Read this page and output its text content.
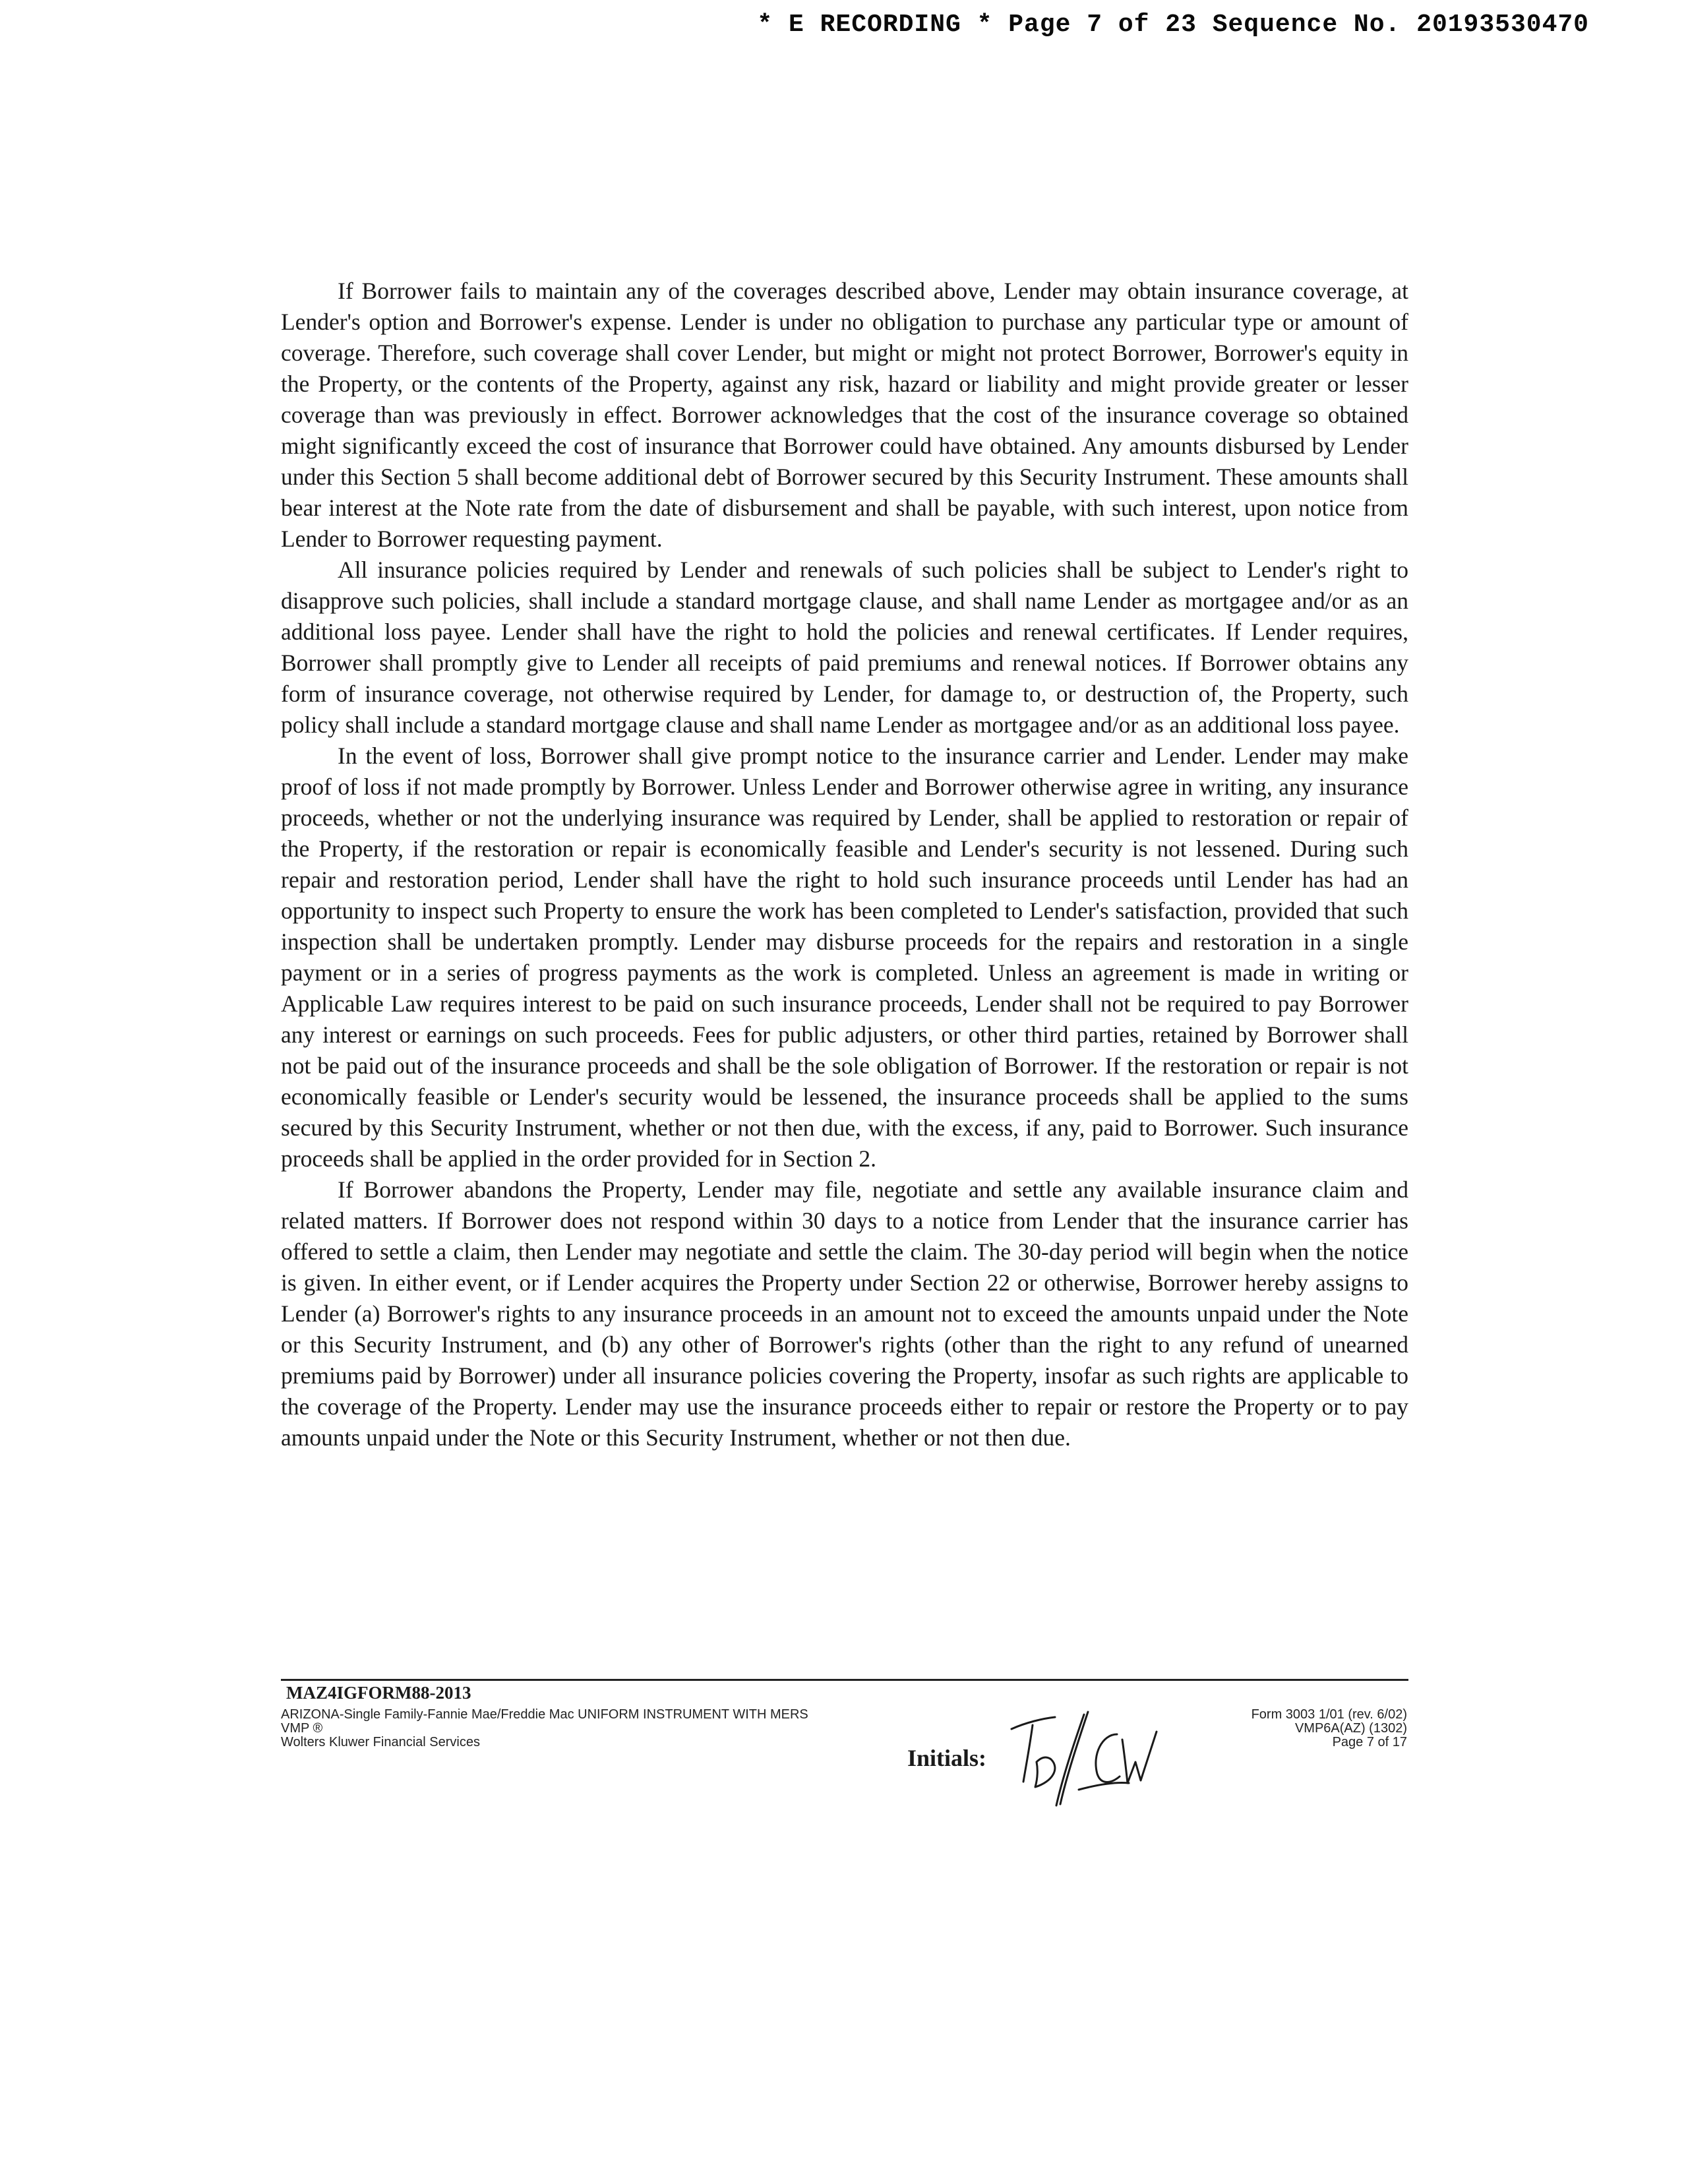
* E RECORDING * Page 7 of 23 Sequence No. 20193530470

If Borrower fails to maintain any of the coverages described above, Lender may obtain insurance coverage, at Lender's option and Borrower's expense. Lender is under no obligation to purchase any particular type or amount of coverage. Therefore, such coverage shall cover Lender, but might or might not protect Borrower, Borrower's equity in the Property, or the contents of the Property, against any risk, hazard or liability and might provide greater or lesser coverage than was previously in effect. Borrower acknowledges that the cost of the insurance coverage so obtained might significantly exceed the cost of insurance that Borrower could have obtained. Any amounts disbursed by Lender under this Section 5 shall become additional debt of Borrower secured by this Security Instrument. These amounts shall bear interest at the Note rate from the date of disbursement and shall be payable, with such interest, upon notice from Lender to Borrower requesting payment.

All insurance policies required by Lender and renewals of such policies shall be subject to Lender's right to disapprove such policies, shall include a standard mortgage clause, and shall name Lender as mortgagee and/or as an additional loss payee. Lender shall have the right to hold the policies and renewal certificates. If Lender requires, Borrower shall promptly give to Lender all receipts of paid premiums and renewal notices. If Borrower obtains any form of insurance coverage, not otherwise required by Lender, for damage to, or destruction of, the Property, such policy shall include a standard mortgage clause and shall name Lender as mortgagee and/or as an additional loss payee.

In the event of loss, Borrower shall give prompt notice to the insurance carrier and Lender. Lender may make proof of loss if not made promptly by Borrower. Unless Lender and Borrower otherwise agree in writing, any insurance proceeds, whether or not the underlying insurance was required by Lender, shall be applied to restoration or repair of the Property, if the restoration or repair is economically feasible and Lender's security is not lessened. During such repair and restoration period, Lender shall have the right to hold such insurance proceeds until Lender has had an opportunity to inspect such Property to ensure the work has been completed to Lender's satisfaction, provided that such inspection shall be undertaken promptly. Lender may disburse proceeds for the repairs and restoration in a single payment or in a series of progress payments as the work is completed. Unless an agreement is made in writing or Applicable Law requires interest to be paid on such insurance proceeds, Lender shall not be required to pay Borrower any interest or earnings on such proceeds. Fees for public adjusters, or other third parties, retained by Borrower shall not be paid out of the insurance proceeds and shall be the sole obligation of Borrower. If the restoration or repair is not economically feasible or Lender's security would be lessened, the insurance proceeds shall be applied to the sums secured by this Security Instrument, whether or not then due, with the excess, if any, paid to Borrower. Such insurance proceeds shall be applied in the order provided for in Section 2.

If Borrower abandons the Property, Lender may file, negotiate and settle any available insurance claim and related matters. If Borrower does not respond within 30 days to a notice from Lender that the insurance carrier has offered to settle a claim, then Lender may negotiate and settle the claim. The 30-day period will begin when the notice is given. In either event, or if Lender acquires the Property under Section 22 or otherwise, Borrower hereby assigns to Lender (a) Borrower's rights to any insurance proceeds in an amount not to exceed the amounts unpaid under the Note or this Security Instrument, and (b) any other of Borrower's rights (other than the right to any refund of unearned premiums paid by Borrower) under all insurance policies covering the Property, insofar as such rights are applicable to the coverage of the Property. Lender may use the insurance proceeds either to repair or restore the Property or to pay amounts unpaid under the Note or this Security Instrument, whether or not then due.

MAZ4IGFORM88-2013
ARIZONA-Single Family-Fannie Mae/Freddie Mac UNIFORM INSTRUMENT WITH MERS
VMP ®
Wolters Kluwer Financial Services
Initials:
Form 3003 1/01 (rev. 6/02)
VMP6A(AZ) (1302)
Page 7 of 17
